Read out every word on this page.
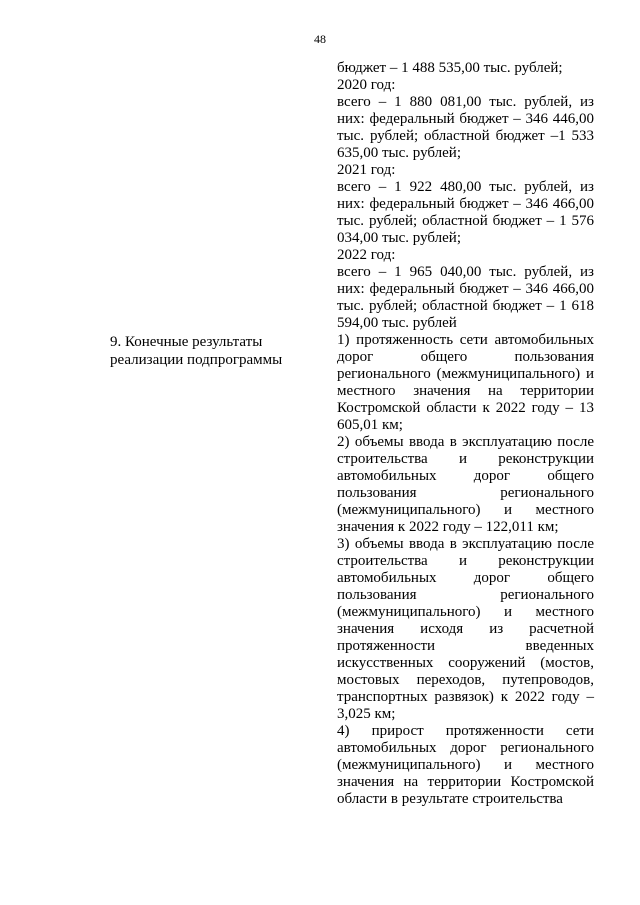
48
9. Конечные результаты реализации подпрограммы

бюджет – 1 488 535,00 тыс. рублей;

2020 год:

всего – 1 880 081,00 тыс. рублей, из них: федеральный бюджет – 346 446,00 тыс. рублей; областной бюджет –1 533 635,00 тыс. рублей;

2021 год:

всего – 1 922 480,00 тыс. рублей, из них: федеральный бюджет – 346 466,00 тыс. рублей; областной бюджет – 1 576 034,00 тыс. рублей;

2022 год:

всего – 1 965 040,00 тыс. рублей, из них: федеральный бюджет – 346 466,00 тыс. рублей; областной бюджет – 1 618 594,00 тыс. рублей

1) протяженность сети автомобильных дорог общего пользования регионального (межмуниципального) и местного значения на территории Костромской области к 2022 году – 13 605,01 км;

2) объемы ввода в эксплуатацию после строительства и реконструкции автомобильных дорог общего пользования регионального (межмуниципального) и местного значения к 2022 году – 122,011 км;

3) объемы ввода в эксплуатацию после строительства и реконструкции автомобильных дорог общего пользования регионального (межмуниципального) и местного значения исходя из расчетной протяженности введенных искусственных сооружений (мостов, мостовых переходов, путепроводов, транспортных развязок) к 2022 году – 3,025 км;

4) прирост протяженности сети автомобильных дорог регионального (межмуниципального) и местного значения на территории Костромской области в результате строительства
